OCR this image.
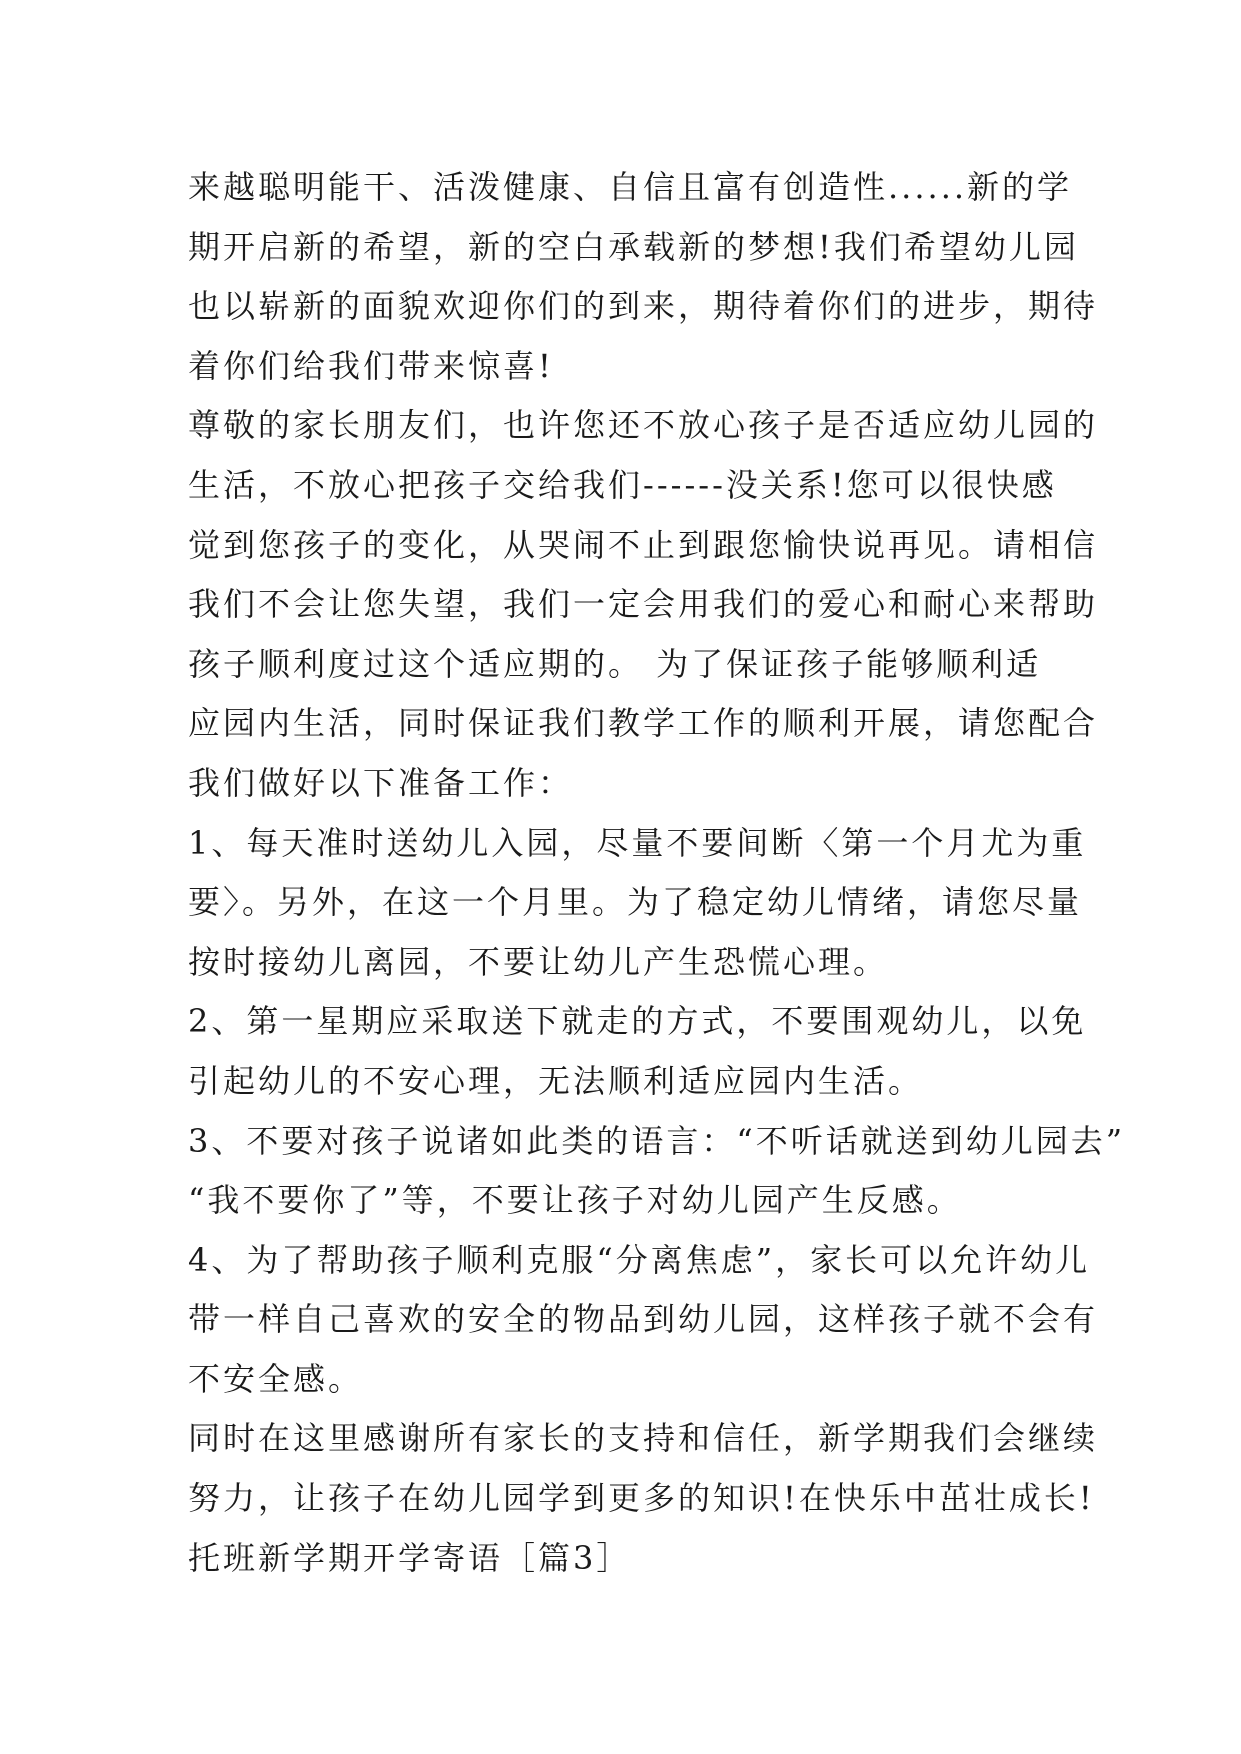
来越聪明能干、活泼健康、自信且富有创造性......新的学
期开启新的希望，新的空白承载新的梦想!我们希望幼儿园
也以崭新的面貌欢迎你们的到来，期待着你们的进步，期待
着你们给我们带来惊喜!
尊敬的家长朋友们，也许您还不放心孩子是否适应幼儿园的
生活，不放心把孩子交给我们------没关系!您可以很快感
觉到您孩子的变化，从哭闹不止到跟您愉快说再见。请相信
我们不会让您失望，我们一定会用我们的爱心和耐心来帮助
孩子顺利度过这个适应期的。 为了保证孩子能够顺利适
应园内生活，同时保证我们教学工作的顺利开展，请您配合
我们做好以下准备工作：
1、每天准时送幼儿入园，尽量不要间断〈第一个月尤为重
要〉。另外，在这一个月里。为了稳定幼儿情绪，请您尽量
按时接幼儿离园，不要让幼儿产生恐慌心理。
2、第一星期应采取送下就走的方式，不要围观幼儿，以免
引起幼儿的不安心理，无法顺利适应园内生活。
3、不要对孩子说诸如此类的语言：“不听话就送到幼儿园去”
“我不要你了”等，不要让孩子对幼儿园产生反感。
4、为了帮助孩子顺利克服“分离焦虑”，家长可以允许幼儿
带一样自己喜欢的安全的物品到幼儿园，这样孩子就不会有
不安全感。
同时在这里感谢所有家长的支持和信任，新学期我们会继续
努力，让孩子在幼儿园学到更多的知识!在快乐中茁壮成长!
托班新学期开学寄语［篇3］
